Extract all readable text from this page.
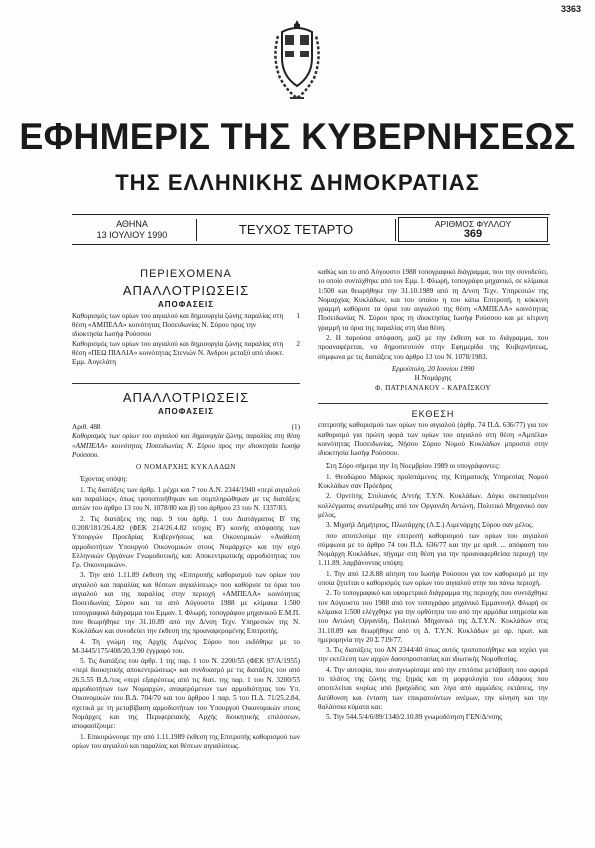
3363
ΕΦΗΜΕΡΙΣ ΤΗΣ ΚΥΒΕΡΝΗΣΕΩΣ
ΤΗΣ ΕΛΛΗΝΙΚΗΣ ΔΗΜΟΚΡΑΤΙΑΣ
ΑΘΗΝΑ
13 ΙΟΥΛΙΟΥ 1990	ΤΕΥΧΟΣ ΤΕΤΑΡΤΟ	ΑΡΙΘΜΟΣ ΦΥΛΛΟΥ
369
ΠΕΡΙΕΧΟΜΕΝΑ
ΑΠΑΛΛΟΤΡΙΩΣΕΙΣ
ΑΠΟΦΑΣΕΙΣ
Καθορισμός των ορίων του αιγιαλού και δημιουργία ζώνης παραλίας στη θέση «ΑΜΠΕΛΑ» κοινότητας Ποσειδωνίας Ν. Σύρου προς την ιδιοκτησία Ιωσήφ Ρούσσου
1
Καθορισμός των ορίων του αιγιαλού και δημιουργία ζώνης παραλίας στη θέση «ΠΕΩ ΠΙΑΛΙΑ» κοινότητας Στενιών Ν. Άνδρου μεταξύ από ιδιοκτ. Εμμ. Αυγελάτη
2
ΑΠΑΛΛΟΤΡΙΩΣΕΙΣ
ΑΠΟΦΑΣΕΙΣ
Αριθ. 488	(1)
Καθορισμός των ορίων του αιγιαλού και δημιουργία ζώνης παραλίας στη θέση «ΑΜΠΕΛΑ» κοινότητας Ποσειδωνίας Ν. Σύρου προς την ιδιοκτησία Ιωσήφ Ρούσσου.
Ο ΝΟΜΑΡΧΗΣ ΚΥΚΛΑΔΩΝ

Έχοντας υπόψη:

1. Τις διατάξεις των άρθρ. 1 μέχρι και 7 του Α.Ν. 2344/1940 «περί αιγιαλού και παραλίας», όπως τροποποιήθηκαν και συμπληρώθηκαν με τις διατάξεις αυτών του άρθρο 13 του Ν. 1078/80 και β) του άρθρου 23 του Ν. 1337/83.

2. Τις διατάξεις της παρ. 9 του άρθρ. 1 του Διατάγματος Β' της 0.208/181/26.4.82 (ΦΕΚ 214/26.4.82 τεύχος Β') κοινής απόφασης των Υπουργών Προεδρίας Κυβερνήσεως και Οικονομικών «Ανάθεση αρμοδιοτήτων Υπουργού Οικονομικών στους Νομάρχες» και την ισχύ Ελληνικών Οργάνων Γνωμοδοτικής και: Αποκεντρωτικής αρμοδιότητας του Γρ. Οικονομικών».

3. Την από 1.11.89 έκθεση της «Επιτροπής καθορισμού των ορίων του αιγιαλού και παραλίας και θέσεων αιγιαλίσεως» που καθόρισε τα όρια του αιγιαλού και της παραλίας στην περιοχή «ΑΜΠΕΛΑ» κοινότητας Ποσειδωνίας Σύρου και τα από Αύγουστο 1988 με κλίμακα 1:500 τοπογραφικό διάγραμμα του Εμμαν. Ι. Φλωρή, τοπογράφου μηχανικού Ε.Μ.Π. που θεωρήθηκε την 31.10.89 από την Δ/νση Τεχν. Υπηρεσιών της Ν. Κυκλάδων και συνοδεύει την έκθεση της προαναφερομένης Επιτροπής.

4. Τη γνώμη της Αρχής Λιμένος Σύρου που εκδόθηκε με το Μ-3445/175/408/20.3.90 έγγραφό του.

5. Τις διατάξεις του άρθρ. 1 της παρ. 1 του Ν. 2200/55 (ΦΕΚ 97/Α/1955) «περί διοικητικής αποκεντρώσεως» και συνδυασμό με τις διατάξεις του από 26.5.55 Β.Δ./τος «περί εξαιρέσεως από τις διατ. της παρ. 1 του Ν. 3200/55 αρμοδιοτήτων των Νομαρχών, αναφερόμενων των αρμοδιότητας του Υπ. Οικονομικών του Β.Δ. 704/70 και του άρθρου 1 παρ. 5 του Π.Δ. 71/25.2.84, σχετικά με τη μεταβίβαση αρμοδιοτήτων του Υπουργού Οικονομικών στους Νομάρχες και της Περιφερειακής Αρχής διοικητικής επιλύσεων, αποφασίζουμε:

1. Επικυρώνουμε την από 1.11.1989 έκθεση της Επιτροπής καθορισμού των ορίων του αιγιαλού και παραλίας και θέσεων αιγιαλίσεως.

καθώς και το από Αύγουστο 1988 τοπογραφικό διάγραμμα, που την συνοδεύει, το οποίο συντάχθηκε από τον Εμμ. Ι. Φλωρή, τοπογράφο μηχανικό, σε κλίμακα 1:500 και θεωρήθηκε την 31.10.1989 από τη Δ/νση Τεχν. Υπηρεσιών της Νομαρχίας Κυκλάδων, και του οποίου η του κάτω Επιτροπή, η κόκκινη γραμμή καθόρισε τα όρια του αιγιαλού της θέση «ΑΜΠΕΛΑ» κοινότητας Ποσειδωνίας Ν. Σύρου προς τη ιδιοκτησίας Ιωσήφ Ρούσσου και με κίτρινη γραμμή τα όρια της παραλίας στη ίδια θέση.

2. Η παρούσα απόφαση, μαζί με την έκθεση και το διάγραμμα, που προαναφέρεται, να δημοσιευτούν στην Εφημερίδα της Κυβερνήσεως, σύμφωνα με τις διατάξεις του άρθρο 13 του Ν. 1078/1983.

Ερμούπολη, 20 Ιουνίου 1990
Η Νομάρχης
Φ. ΠΑΤΡΙΑΝΑΚΟΥ - ΚΑΡΑΪΣΚΟΥ
ΕΚΘΕΣΗ

επιτροπής καθορισμού των ορίων του αιγιαλού (άρθρ. 74 Π.Δ. 636/77) για τον καθορισμό για πρώτη φορά των ορίων του αιγιαλού στη θέση «Αμπέλα» κοινότητας Ποσειδωνίας, Νήσου Σύρου Νομού Κυκλάδων μπροστά στην ιδιοκτησία Ιωσήφ Ρούσσου.

Στη Σύρο σήμερα την 1η Νοεμβρίου 1989 οι υπογράφοντες:

1. Θεοδώρου Μάρκος προϊστάμενος της Κτηματικής Υπηρεσίας Νομού Κυκλάδων σαν Πρόεδρος

2. Ορντίτης Στυλιανός Δ/ντής Τ.Υ.Ν. Κυκλάδων. Δόγκι σκεπασμένου κολλέγματος ανωτέρωθης από τον Οργανιδη Αντώνη, Πολιτικό Μηχανικό σαν μέλος.

3. Μιχαήλ Δημήτριος, Πλωτάρχης (Λ.Σ.) Λιμενάρχης Σύρου σαν μέλος.

που αποτελούμε την επιτροπή καθορισμού των ορίων του αιγιαλού σύμφωνα με το άρθρο 74 του Π.Δ. 636/77 και την με αριθ. ... απόφαση του Νομάρχη Κυκλάδων, πήγαμε στη θέση για την προαναφερθείσα περιοχή την 1.11.89. λαμβάνοντας υπόψη:

1. Την από 12.8.88 αίτηση του Ιωσήφ Ρούσσου για τον καθορισμό με την οποία ζητείται ο καθορισμός των ορίων του αιγιαλού στην πιο πάνω περιοχή.

2. Το τοπογραφικό και υψομετρικό διάγραμμα της περιοχής που συντάχθηκε τον Αύγουστο του 1988 από τον τοπογράφο μηχανικό Εμμανουήλ Φλωρή σε κλίμακα 1:500 ελέγχθηκε για την ορθότητα του από την αρμόδια υπηρεσία και του Αντώνη Οργανίδη, Πολιτικό Μηχανικό της Δ.Τ.Υ.Ν. Κυκλάδων στις 31.10.89 και θεωρήθηκε από τη Δ. Τ.Υ.Ν. Κυκλάδων με αρ. πρωτ. και ημερομηνία την 20 Σ 719/77.

3. Τις διατάξεις του ΑΝ 2344/40 όπως αυτός τροποποιήθηκε και ισχύει για την εκτέλεση των αρχών δασοπροστασίας και ιδιωτικής Νομοθεσίας.

4. Την αυτοψία, που αναγνωρίσαμε από την επιτόπια μετάβαση που αφορά το πλάτος της ζώνης της ξηράς και τη μορφολογία του εδάφους που αποτελείται κυρίως από βραχώδεις και λίγα από αμμώδεις εκτάσεις, την διεύθυνση και ένταση των επικρατούντων ανέμων, την κίνηση και την θαλάσσια κύματα και:

5. Την 544.5/4/6/89/1340/2.10.89 γνωμοδότηση ΓΕΝ/Δ/νσης
